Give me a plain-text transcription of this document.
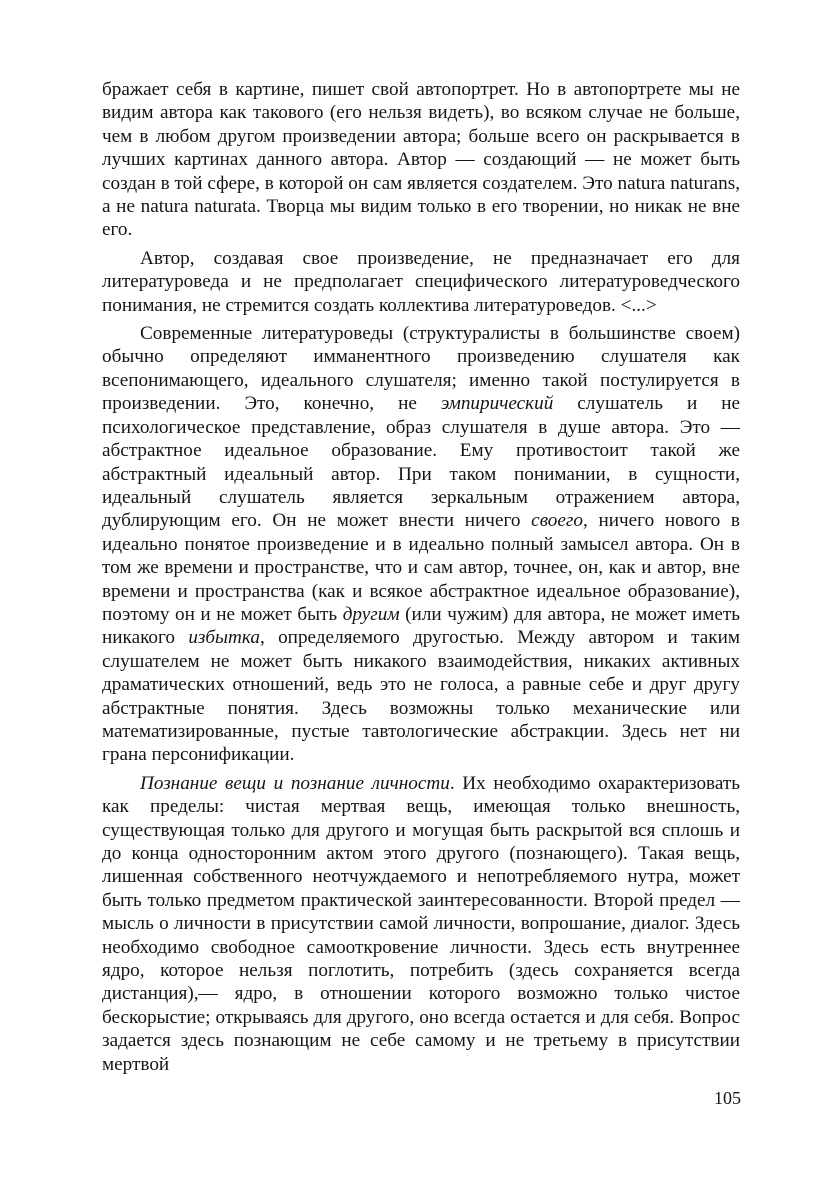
бражает себя в картине, пишет свой автопортрет. Но в автопортрете мы не видим автора как такового (его нельзя видеть), во всяком случае не больше, чем в любом другом произведении автора; больше всего он раскрывается в лучших картинах данного автора. Автор — создающий — не может быть создан в той сфере, в которой он сам является создателем. Это natura naturans, а не natura naturata. Творца мы видим только в его творении, но никак не вне его.

Автор, создавая свое произведение, не предназначает его для литературоведа и не предполагает специфического литературоведческого понимания, не стремится создать коллектива литературоведов. <...>

Современные литературоведы (структуралисты в большинстве своем) обычно определяют имманентного произведению слушателя как всепонимающего, идеального слушателя; именно такой постулируется в произведении. Это, конечно, не эмпирический слушатель и не психологическое представление, образ слушателя в душе автора. Это — абстрактное идеальное образование. Ему противостоит такой же абстрактный идеальный автор. При таком понимании, в сущности, идеальный слушатель является зеркальным отражением автора, дублирующим его. Он не может внести ничего своего, ничего нового в идеально понятое произведение и в идеально полный замысел автора. Он в том же времени и пространстве, что и сам автор, точнее, он, как и автор, вне времени и пространства (как и всякое абстрактное идеальное образование), поэтому он и не может быть другим (или чужим) для автора, не может иметь никакого избытка, определяемого другостью. Между автором и таким слушателем не может быть никакого взаимодействия, никаких активных драматических отношений, ведь это не голоса, а равные себе и друг другу абстрактные понятия. Здесь возможны только механические или математизированные, пустые тавтологические абстракции. Здесь нет ни грана персонификации.

Познание вещи и познание личности. Их необходимо охарактеризовать как пределы: чистая мертвая вещь, имеющая только внешность, существующая только для другого и могущая быть раскрытой вся сплошь и до конца односторонним актом этого другого (познающего). Такая вещь, лишенная собственного неотчуждаемого и непотребляемого нутра, может быть только предметом практической заинтересованности. Второй предел — мысль о личности в присутствии самой личности, вопрошание, диалог. Здесь необходимо свободное самооткровение личности. Здесь есть внутреннее ядро, которое нельзя поглотить, потребить (здесь сохраняется всегда дистанция),— ядро, в отношении которого возможно только чистое бескорыстие; открываясь для другого, оно всегда остается и для себя. Вопрос задается здесь познающим не себе самому и не третьему в присутствии мертвой

105
